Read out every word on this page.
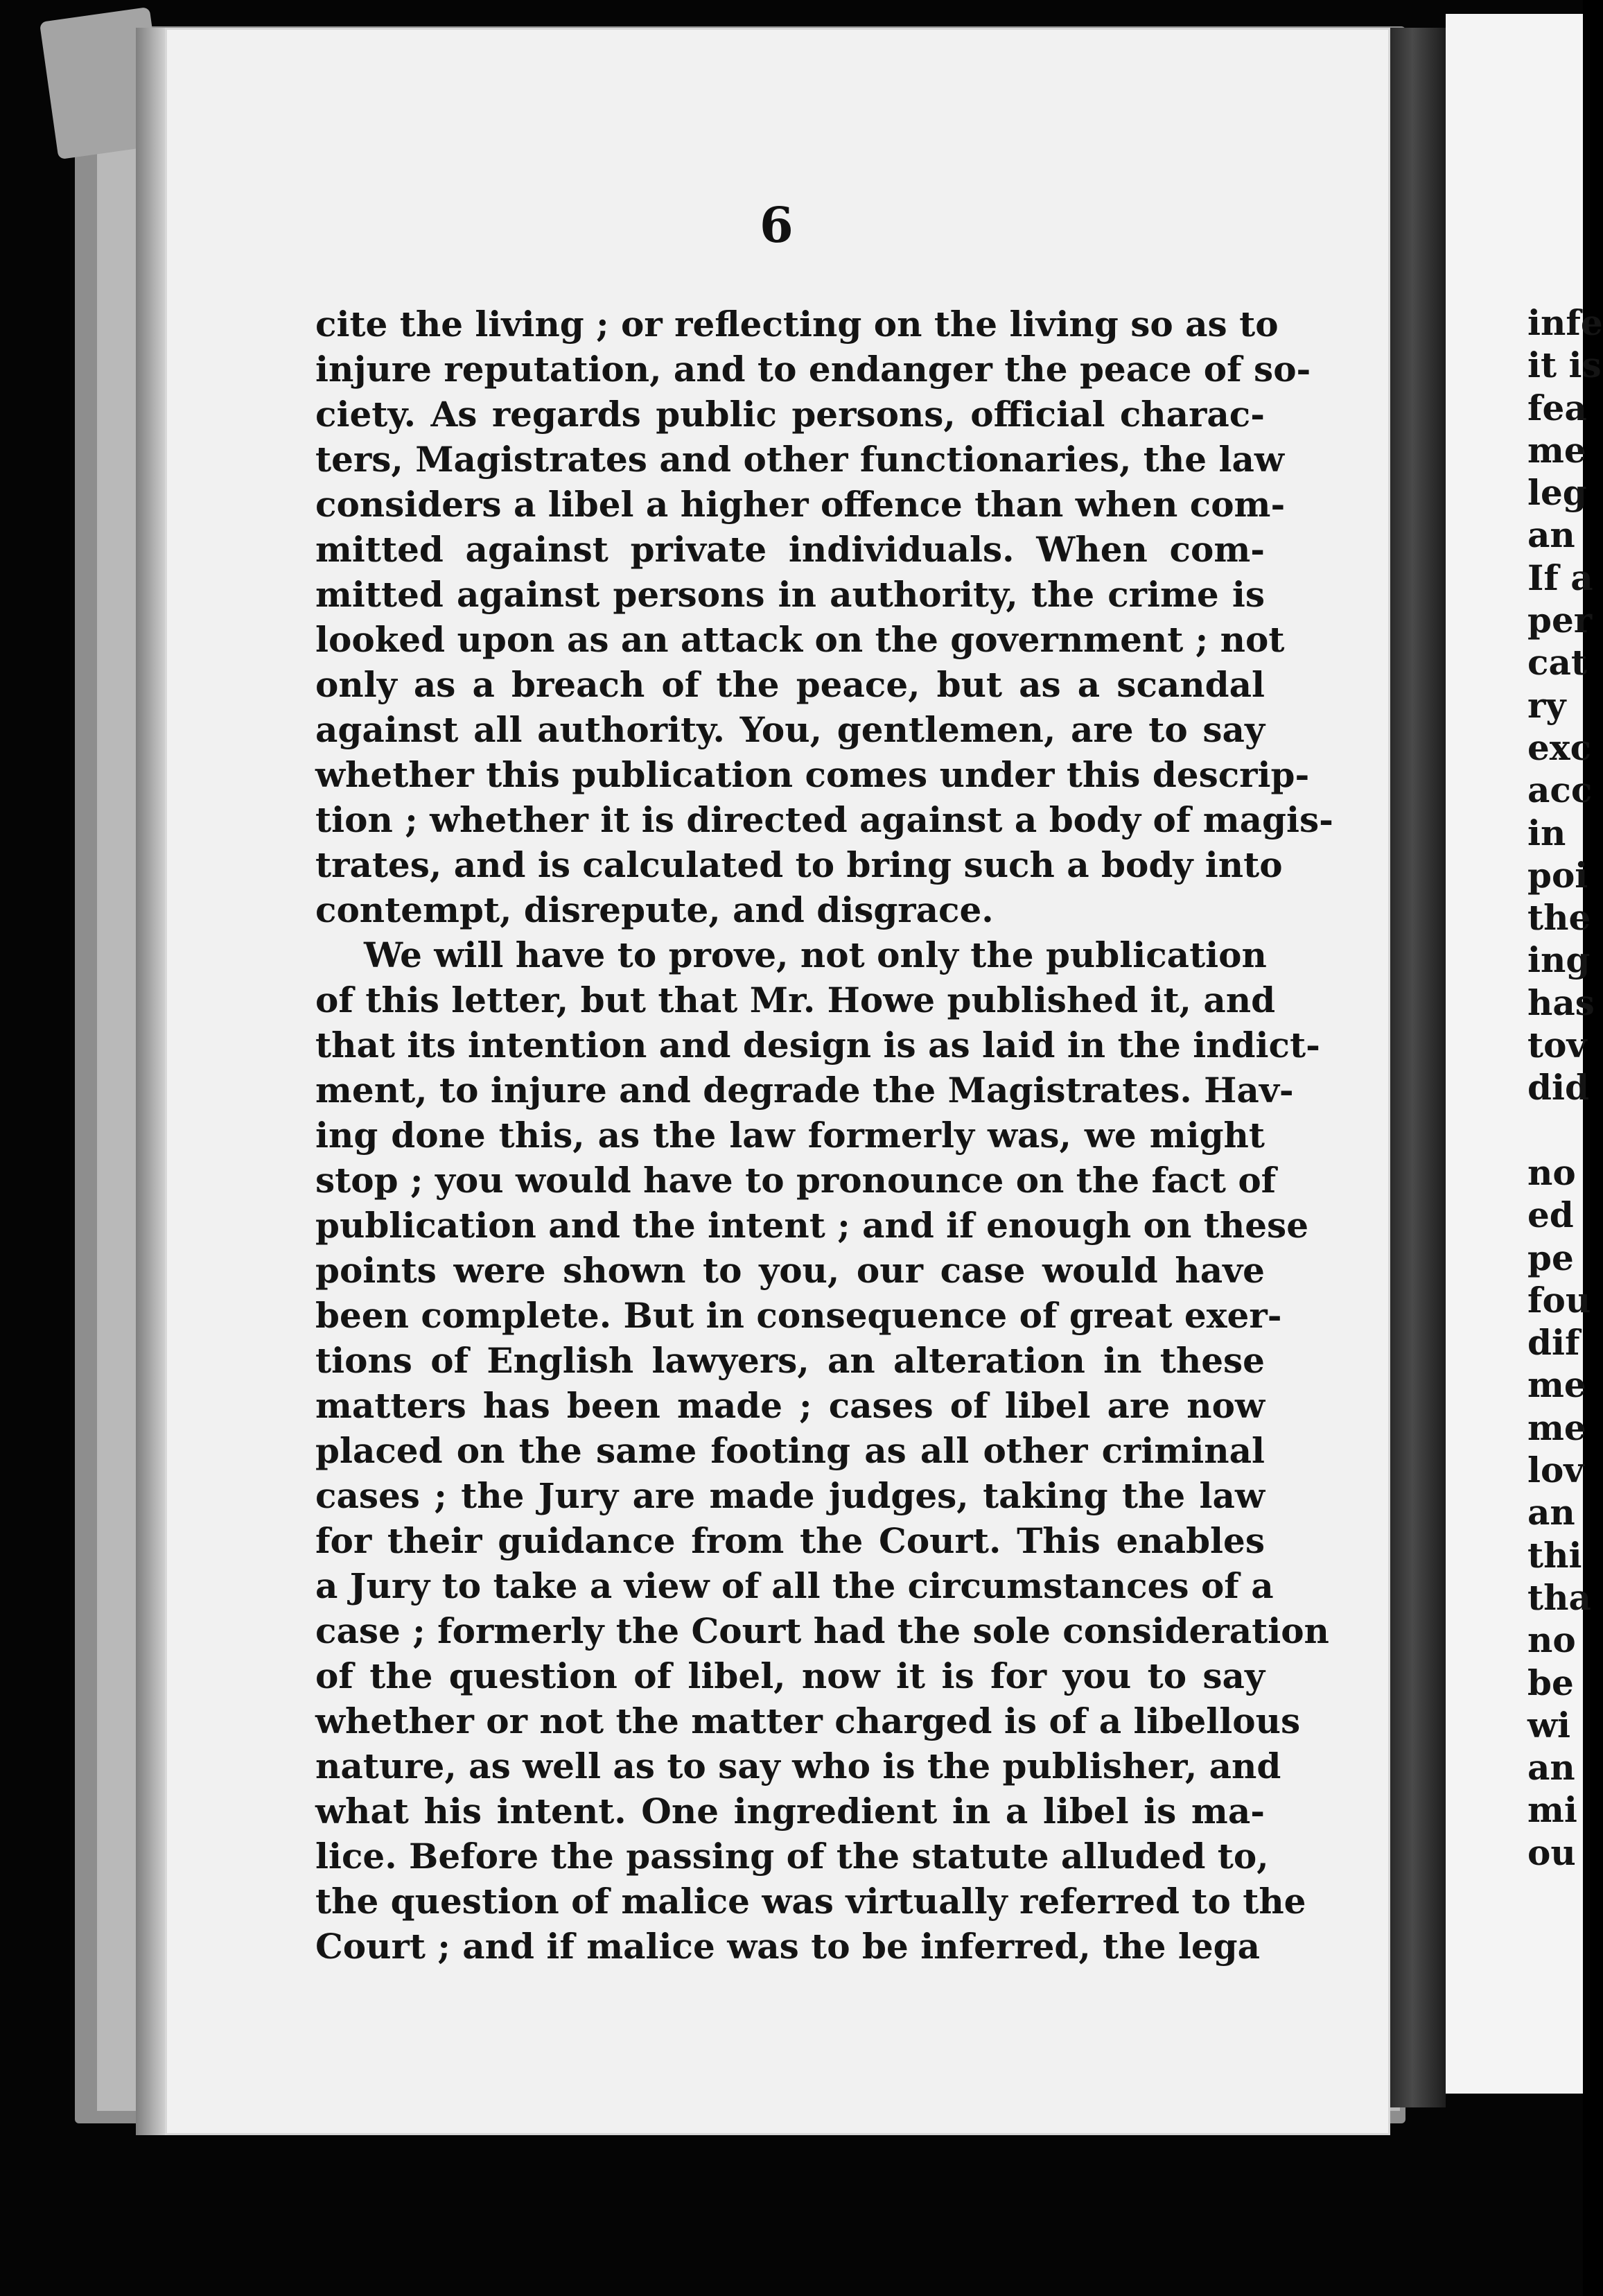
6
cite the living ; or reflecting on the living so as to
injure reputation, and to endanger the peace of so-
ciety. As regards public persons, official charac-
ters, Magistrates and other functionaries, the law
considers a libel a higher offence than when com-
mitted against private individuals. When com-
mitted against persons in authority, the crime is
looked upon as an attack on the government ; not
only as a breach of the peace, but as a scandal
against all authority. You, gentlemen, are to say
whether this publication comes under this descrip-
tion ; whether it is directed against a body of magis-
trates, and is calculated to bring such a body into
contempt, disrepute, and disgrace.
We will have to prove, not only the publication
of this letter, but that Mr. Howe published it, and
that its intention and design is as laid in the indict-
ment, to injure and degrade the Magistrates. Hav-
ing done this, as the law formerly was, we might
stop ; you would have to pronounce on the fact of
publication and the intent ; and if enough on these
points were shown to you, our case would have
been complete. But in consequence of great exer-
tions of English lawyers, an alteration in these
matters has been made ; cases of libel are now
placed on the same footing as all other criminal
cases ; the Jury are made judges, taking the law
for their guidance from the Court. This enables
a Jury to take a view of all the circumstances of a
case ; formerly the Court had the sole consideration
of the question of libel, now it is for you to say
whether or not the matter charged is of a libellous
nature, as well as to say who is the publisher, and
what his intent. One ingredient in a libel is ma-
lice. Before the passing of the statute alluded to,
the question of malice was virtually referred to the
Court ; and if malice was to be inferred, the lega
infe
it is
fea
me
leg
an
If a
per
cat
ry
exc
acc
in
poi
the
ing
has
tov
did
no
ed
pe
fou
dif
me
me
lov
an
thi
tha
no
be
wi
an
mi
ou
